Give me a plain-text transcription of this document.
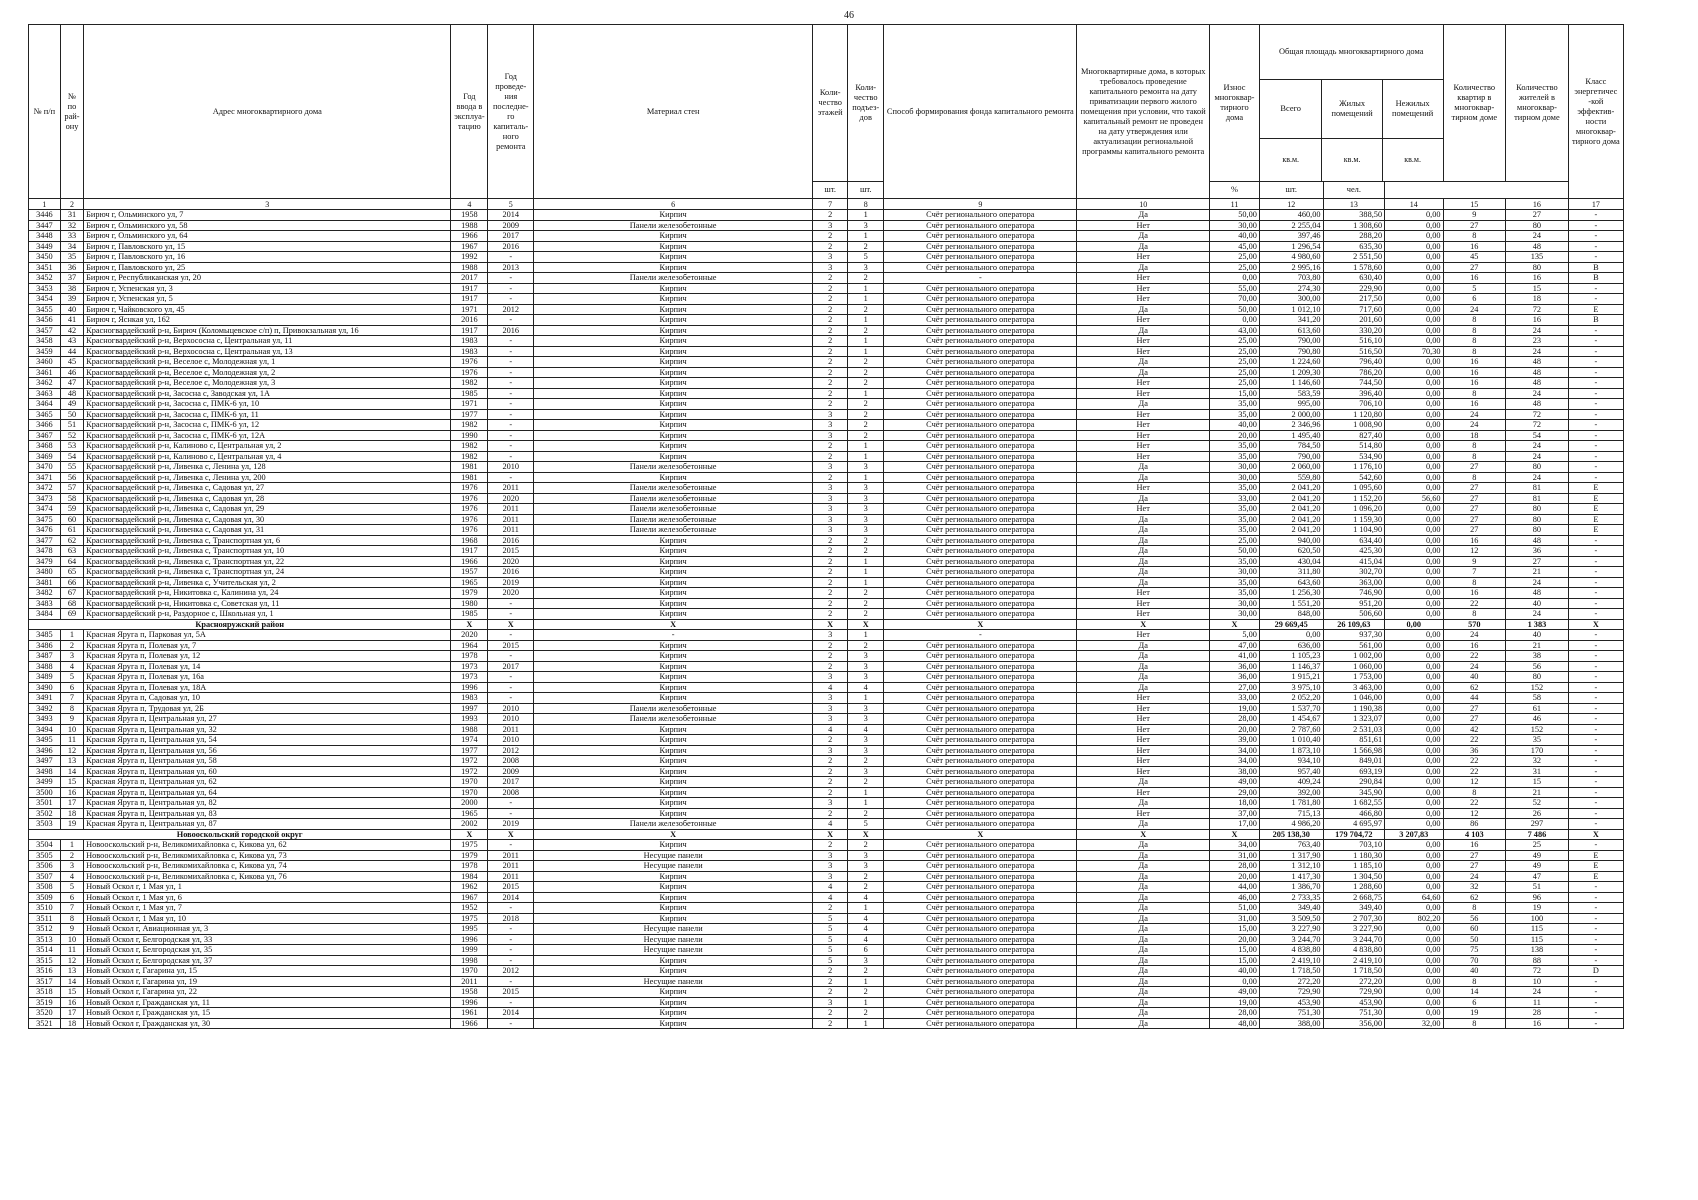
46
№ п/п	№ по рай- ону	Адрес многоквартирного дома	Год ввода в эксплуа- тацию	Год проведе- ния последне- го капиталь- ного ремонта	Материал стен	Коли- чество этажей	Коли- чество подъез- дов	Способ формирования фонда капитального ремонта	Многоквартирные дома, в которых требовалось проведение капитального ремонта на дату приватизации первого жилого помещения при условии, что такой капитальный ремонт не проведен на дату утверждения или актуализации региональной программы капитального ремонта	Износ многоквар- тирного дома	
Общая площадь многоквартирного дома
Всего	Жилых помещений	Нежилых помещений
кв.м.	кв.м.	кв.м.
	Количество квартир в многоквар- тирном доме	Количество жителей в многоквар- тирном доме	Класс энергетичес -кой эффектив- ности многоквар- тирного дома
шт.	шт.	%	шт.	чел.
1	2	3	4	5	6	7	8	9	10	11	12	13	14	15	16	17
3446	31	Бирюч г, Ольминского ул, 7	1958	2014	Кирпич	2	1	Счёт регионального оператора	Да	50,00	460,00	388,50	0,00	9	27	-
3447	32	Бирюч г, Ольминского ул, 58	1988	2009	Панели железобетонные	3	3	Счёт регионального оператора	Нет	30,00	2 255,04	1 308,60	0,00	27	80	-
3448	33	Бирюч г, Ольминского ул, 64	1966	2017	Кирпич	2	1	Счёт регионального оператора	Да	40,00	397,46	288,20	0,00	8	24	-
3449	34	Бирюч г, Павловского ул, 15	1967	2016	Кирпич	2	2	Счёт регионального оператора	Да	45,00	1 296,54	635,30	0,00	16	48	-
3450	35	Бирюч г, Павловского ул, 16	1992	-	Кирпич	3	5	Счёт регионального оператора	Нет	25,00	4 980,60	2 551,50	0,00	45	135	-
3451	36	Бирюч г, Павловского ул, 25	1988	2013	Кирпич	3	3	Счёт регионального оператора	Да	25,00	2 995,16	1 578,60	0,00	27	80	B
3452	37	Бирюч г, Республиканская ул, 20	2017	-	Панели железобетонные	2	2	-	Нет	0,00	703,80	630,40	0,00	16	16	B
3453	38	Бирюч г, Успенская ул, 3	1917	-	Кирпич	2	1	Счёт регионального оператора	Нет	55,00	274,30	229,90	0,00	5	15	-
3454	39	Бирюч г, Успенская ул, 5	1917	-	Кирпич	2	1	Счёт регионального оператора	Нет	70,00	300,00	217,50	0,00	6	18	-
3455	40	Бирюч г, Чайковского ул, 45	1971	2012	Кирпич	2	2	Счёт регионального оператора	Да	50,00	1 012,10	717,60	0,00	24	72	E
3456	41	Бирюч г, Яснкая ул, 162	2016	-	Кирпич	2	1	Счёт регионального оператора	Нет	0,00	341,20	201,60	0,00	8	16	B
3457	42	Красногвардейский р-н, Бирюч (Коломыцевское с/п) п, Привокзальная ул, 16	1917	2016	Кирпич	2	2	Счёт регионального оператора	Да	43,00	613,60	330,20	0,00	8	24	-
3458	43	Красногвардейский р-н, Верхососна с, Центральная ул, 11	1983	-	Кирпич	2	1	Счёт регионального оператора	Нет	25,00	790,00	516,10	0,00	8	23	-
3459	44	Красногвардейский р-н, Верхососна с, Центральная ул, 13	1983	-	Кирпич	2	1	Счёт регионального оператора	Нет	25,00	790,80	516,50	70,30	8	24	-
3460	45	Красногвардейский р-н, Веселое с, Молодежная ул, 1	1976	-	Кирпич	2	2	Счёт регионального оператора	Да	25,00	1 224,60	796,40	0,00	16	48	-
3461	46	Красногвардейский р-н, Веселое с, Молодежная ул, 2	1976	-	Кирпич	2	2	Счёт регионального оператора	Да	25,00	1 209,30	786,20	0,00	16	48	-
3462	47	Красногвардейский р-н, Веселое с, Молодежная ул, 3	1982	-	Кирпич	2	2	Счёт регионального оператора	Нет	25,00	1 146,60	744,50	0,00	16	48	-
3463	48	Красногвардейский р-н, Засосна с, Заводская ул, 1А	1985	-	Кирпич	2	1	Счёт регионального оператора	Нет	15,00	583,59	396,40	0,00	8	24	-
3464	49	Красногвардейский р-н, Засосна с, ПМК-6 ул, 10	1971	-	Кирпич	2	2	Счёт регионального оператора	Да	35,00	995,00	706,10	0,00	16	48	-
3465	50	Красногвардейский р-н, Засосна с, ПМК-6 ул, 11	1977	-	Кирпич	3	2	Счёт регионального оператора	Нет	35,00	2 000,00	1 120,80	0,00	24	72	-
3466	51	Красногвардейский р-н, Засосна с, ПМК-6 ул, 12	1982	-	Кирпич	3	2	Счёт регионального оператора	Нет	40,00	2 346,96	1 008,90	0,00	24	72	-
3467	52	Красногвардейский р-н, Засосна с, ПМК-6 ул, 12А	1990	-	Кирпич	3	2	Счёт регионального оператора	Нет	20,00	1 495,40	827,40	0,00	18	54	-
3468	53	Красногвардейский р-н, Калиново с, Центральная ул, 2	1982	-	Кирпич	2	1	Счёт регионального оператора	Нет	35,00	784,50	514,80	0,00	8	24	-
3469	54	Красногвардейский р-н, Калиново с, Центральная ул, 4	1982	-	Кирпич	2	1	Счёт регионального оператора	Нет	35,00	790,00	534,90	0,00	8	24	-
3470	55	Красногвардейский р-н, Ливенка с, Ленина ул, 128	1981	2010	Панели железобетонные	3	3	Счёт регионального оператора	Да	30,00	2 060,00	1 176,10	0,00	27	80	-
3471	56	Красногвардейский р-н, Ливенка с, Ленина ул, 200	1981	-	Кирпич	2	1	Счёт регионального оператора	Да	30,00	559,80	542,60	0,00	8	24	-
3472	57	Красногвардейский р-н, Ливенка с, Садовая ул, 27	1976	2011	Панели железобетонные	3	3	Счёт регионального оператора	Нет	35,00	2 041,20	1 095,60	0,00	27	81	E
3473	58	Красногвардейский р-н, Ливенка с, Садовая ул, 28	1976	2020	Панели железобетонные	3	3	Счёт регионального оператора	Да	33,00	2 041,20	1 152,20	56,60	27	81	E
3474	59	Красногвардейский р-н, Ливенка с, Садовая ул, 29	1976	2011	Панели железобетонные	3	3	Счёт регионального оператора	Нет	35,00	2 041,20	1 096,20	0,00	27	80	E
3475	60	Красногвардейский р-н, Ливенка с, Садовая ул, 30	1976	2011	Панели железобетонные	3	3	Счёт регионального оператора	Да	35,00	2 041,20	1 159,30	0,00	27	80	E
3476	61	Красногвардейский р-н, Ливенка с, Садовая ул, 31	1976	2011	Панели железобетонные	3	3	Счёт регионального оператора	Да	35,00	2 041,20	1 104,90	0,00	27	80	E
3477	62	Красногвардейский р-н, Ливенка с, Транспортная ул, 6	1968	2016	Кирпич	2	2	Счёт регионального оператора	Да	25,00	940,00	634,40	0,00	16	48	-
3478	63	Красногвардейский р-н, Ливенка с, Транспортная ул, 10	1917	2015	Кирпич	2	2	Счёт регионального оператора	Да	50,00	620,50	425,30	0,00	12	36	-
3479	64	Красногвардейский р-н, Ливенка с, Транспортная ул, 22	1966	2020	Кирпич	2	1	Счёт регионального оператора	Да	35,00	430,04	415,04	0,00	9	27	-
3480	65	Красногвардейский р-н, Ливенка с, Транспортная ул, 24	1957	2016	Кирпич	2	1	Счёт регионального оператора	Да	30,00	311,80	302,70	0,00	7	21	-
3481	66	Красногвардейский р-н, Ливенка с, Учительская ул, 2	1965	2019	Кирпич	2	1	Счёт регионального оператора	Да	35,00	643,60	363,00	0,00	8	24	-
3482	67	Красногвардейский р-н, Никитовка с, Калинина ул, 24	1979	2020	Кирпич	2	2	Счёт регионального оператора	Нет	35,00	1 256,30	746,90	0,00	16	48	-
3483	68	Красногвардейский р-н, Никитовка с, Советская ул, 11	1980	-	Кирпич	2	2	Счёт регионального оператора	Нет	30,00	1 551,20	951,20	0,00	22	40	-
3484	69	Красногвардейский р-н, Раздорное с, Школьная ул, 1	1985	-	Кирпич	2	2	Счёт регионального оператора	Нет	30,00	848,00	506,60	0,00	8	24	-
Краснояружский район	X	X	X	X	X	X	X	X	29 669,45	26 109,63	0,00	570	1 383	X
3485	1	Красная Яруга п, Парковая ул, 5А	2020	-	-	3	1	-	Нет	5,00	0,00	937,30	0,00	24	40	-
3486	2	Красная Яруга п, Полевая ул, 7	1964	2015	Кирпич	2	2	Счёт регионального оператора	Да	47,00	636,00	561,00	0,00	16	21	-
3487	3	Красная Яруга п, Полевая ул, 12	1978	-	Кирпич	2	3	Счёт регионального оператора	Да	41,00	1 105,23	1 002,00	0,00	22	38	-
3488	4	Красная Яруга п, Полевая ул, 14	1973	2017	Кирпич	2	3	Счёт регионального оператора	Да	36,00	1 146,37	1 060,00	0,00	24	56	-
3489	5	Красная Яруга п, Полевая ул, 16а	1973	-	Кирпич	3	3	Счёт регионального оператора	Да	36,00	1 915,21	1 753,00	0,00	40	80	-
3490	6	Красная Яруга п, Полевая ул, 18А	1996	-	Кирпич	4	4	Счёт регионального оператора	Да	27,00	3 975,10	3 463,00	0,00	62	152	-
3491	7	Красная Яруга п, Садовая ул, 10	1983	-	Кирпич	3	1	Счёт регионального оператора	Нет	33,00	2 052,20	1 046,00	0,00	44	58	-
3492	8	Красная Яруга п, Трудовая ул, 2Б	1997	2010	Панели железобетонные	3	3	Счёт регионального оператора	Нет	19,00	1 537,70	1 190,38	0,00	27	61	-
3493	9	Красная Яруга п, Центральная ул, 27	1993	2010	Панели железобетонные	3	3	Счёт регионального оператора	Нет	28,00	1 454,67	1 323,07	0,00	27	46	-
3494	10	Красная Яруга п, Центральная ул, 32	1988	2011	Кирпич	4	4	Счёт регионального оператора	Нет	20,00	2 787,60	2 531,03	0,00	42	152	-
3495	11	Красная Яруга п, Центральная ул, 54	1974	2010	Кирпич	2	3	Счёт регионального оператора	Нет	39,00	1 010,40	851,61	0,00	22	35	-
3496	12	Красная Яруга п, Центральная ул, 56	1977	2012	Кирпич	3	3	Счёт регионального оператора	Нет	34,00	1 873,10	1 566,98	0,00	36	170	-
3497	13	Красная Яруга п, Центральная ул, 58	1972	2008	Кирпич	2	2	Счёт регионального оператора	Нет	34,00	934,10	849,01	0,00	22	32	-
3498	14	Красная Яруга п, Центральная ул, 60	1972	2009	Кирпич	2	3	Счёт регионального оператора	Нет	38,00	957,40	693,19	0,00	22	31	-
3499	15	Красная Яруга п, Центральная ул, 62	1970	2017	Кирпич	2	2	Счёт регионального оператора	Да	49,00	409,24	290,84	0,00	12	15	-
3500	16	Красная Яруга п, Центральная ул, 64	1970	2008	Кирпич	2	1	Счёт регионального оператора	Нет	29,00	392,00	345,90	0,00	8	21	-
3501	17	Красная Яруга п, Центральная ул, 82	2000	-	Кирпич	3	1	Счёт регионального оператора	Да	18,00	1 781,80	1 682,55	0,00	22	52	-
3502	18	Красная Яруга п, Центральная ул, 83	1965	-	Кирпич	2	2	Счёт регионального оператора	Нет	37,00	715,13	466,80	0,00	12	26	-
3503	19	Красная Яруга п, Центральная ул, 87	2002	2019	Панели железобетонные	4	5	Счёт регионального оператора	Да	17,00	4 986,20	4 695,97	0,00	86	297	-
Новооскольский городской округ	X	X	X	X	X	X	X	X	205 138,30	179 704,72	3 207,83	4 103	7 486	X
3504	1	Новооскольский р-н, Великомихайловка с, Кикова ул, 62	1975	-	Кирпич	2	2	Счёт регионального оператора	Да	34,00	763,40	703,10	0,00	16	25	-
3505	2	Новооскольский р-н, Великомихайловка с, Кикова ул, 73	1979	2011	Несущие панели	3	3	Счёт регионального оператора	Да	31,00	1 317,90	1 180,30	0,00	27	49	E
3506	3	Новооскольский р-н, Великомихайловка с, Кикова ул, 74	1978	2011	Несущие панели	3	3	Счёт регионального оператора	Да	28,00	1 312,10	1 185,10	0,00	27	49	E
3507	4	Новооскольский р-н, Великомихайловка с, Кикова ул, 76	1984	2011	Кирпич	3	2	Счёт регионального оператора	Да	20,00	1 417,30	1 304,50	0,00	24	47	E
3508	5	Новый Оскол г, 1 Мая ул, 1	1962	2015	Кирпич	4	2	Счёт регионального оператора	Да	44,00	1 386,70	1 288,60	0,00	32	51	-
3509	6	Новый Оскол г, 1 Мая ул, 6	1967	2014	Кирпич	4	4	Счёт регионального оператора	Да	46,00	2 733,35	2 668,75	64,60	62	96	-
3510	7	Новый Оскол г, 1 Мая ул, 7	1952	-	Кирпич	2	1	Счёт регионального оператора	Да	51,00	349,40	349,40	0,00	8	19	-
3511	8	Новый Оскол г, 1 Мая ул, 10	1975	2018	Кирпич	5	4	Счёт регионального оператора	Да	31,00	3 509,50	2 707,30	802,20	56	100	-
3512	9	Новый Оскол г, Авиационная ул, 3	1995	-	Несущие панели	5	4	Счёт регионального оператора	Да	15,00	3 227,90	3 227,90	0,00	60	115	-
3513	10	Новый Оскол г, Белгородская ул, 33	1996	-	Несущие панели	5	4	Счёт регионального оператора	Да	20,00	3 244,70	3 244,70	0,00	50	115	-
3514	11	Новый Оскол г, Белгородская ул, 35	1999	-	Несущие панели	5	6	Счёт регионального оператора	Да	15,00	4 838,80	4 838,80	0,00	75	138	-
3515	12	Новый Оскол г, Белгородская ул, 37	1998	-	Кирпич	5	3	Счёт регионального оператора	Да	15,00	2 419,10	2 419,10	0,00	70	88	-
3516	13	Новый Оскол г, Гагарина ул, 15	1970	2012	Кирпич	2	2	Счёт регионального оператора	Да	40,00	1 718,50	1 718,50	0,00	40	72	D
3517	14	Новый Оскол г, Гагарина ул, 19	2011	-	Несущие панели	2	1	Счёт регионального оператора	Да	0,00	272,20	272,20	0,00	8	10	-
3518	15	Новый Оскол г, Гагарина ул, 22	1958	2015	Кирпич	2	2	Счёт регионального оператора	Да	49,00	729,90	729,90	0,00	14	24	-
3519	16	Новый Оскол г, Гражданская ул, 11	1996	-	Кирпич	3	1	Счёт регионального оператора	Да	19,00	453,90	453,90	0,00	6	11	-
3520	17	Новый Оскол г, Гражданская ул, 15	1961	2014	Кирпич	2	2	Счёт регионального оператора	Да	28,00	751,30	751,30	0,00	19	28	-
3521	18	Новый Оскол г, Гражданская ул, 30	1966	-	Кирпич	2	1	Счёт регионального оператора	Да	48,00	388,00	356,00	32,00	8	16	-
